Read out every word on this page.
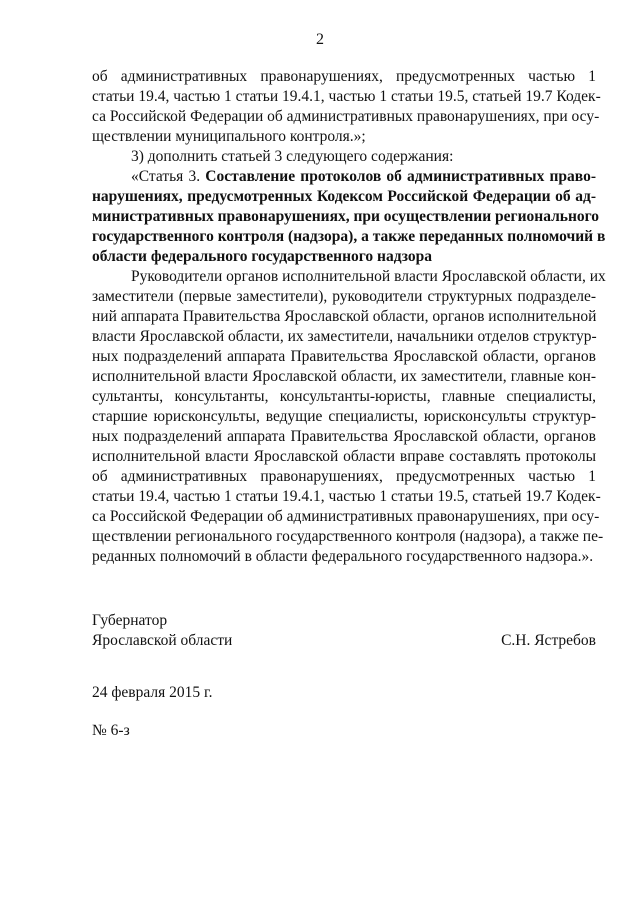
2
об административных правонарушениях, предусмотренных частью 1
статьи 19.4, частью 1 статьи 19.4.1, частью 1 статьи 19.5, статьей 19.7 Кодек-
са Российской Федерации об административных правонарушениях, при осу-
ществлении муниципального контроля.»;
3) дополнить статьей 3 следующего содержания:
«Статья 3. Составление протоколов об административных право-
нарушениях, предусмотренных Кодексом Российской Федерации об ад-
министративных правонарушениях, при осуществлении регионального
государственного контроля (надзора), а также переданных полномочий в
области федерального государственного надзора
Руководители органов исполнительной власти Ярославской области, их
заместители (первые заместители), руководители структурных подразделе-
ний аппарата Правительства Ярославской области, органов исполнительной
власти Ярославской области, их заместители, начальники отделов структур-
ных подразделений аппарата Правительства Ярославской области, органов
исполнительной власти Ярославской области, их заместители, главные кон-
сультанты, консультанты, консультанты-юристы, главные специалисты,
старшие юрисконсульты, ведущие специалисты, юрисконсульты структур-
ных подразделений аппарата Правительства Ярославской области, органов
исполнительной власти Ярославской области вправе составлять протоколы
об административных правонарушениях, предусмотренных частью 1
статьи 19.4, частью 1 статьи 19.4.1, частью 1 статьи 19.5, статьей 19.7 Кодек-
са Российской Федерации об административных правонарушениях, при осу-
ществлении регионального государственного контроля (надзора), а также пе-
реданных полномочий в области федерального государственного надзора.».
Губернатор
Ярославской области	С.Н. Ястребов
24 февраля 2015 г.
№ 6-з
